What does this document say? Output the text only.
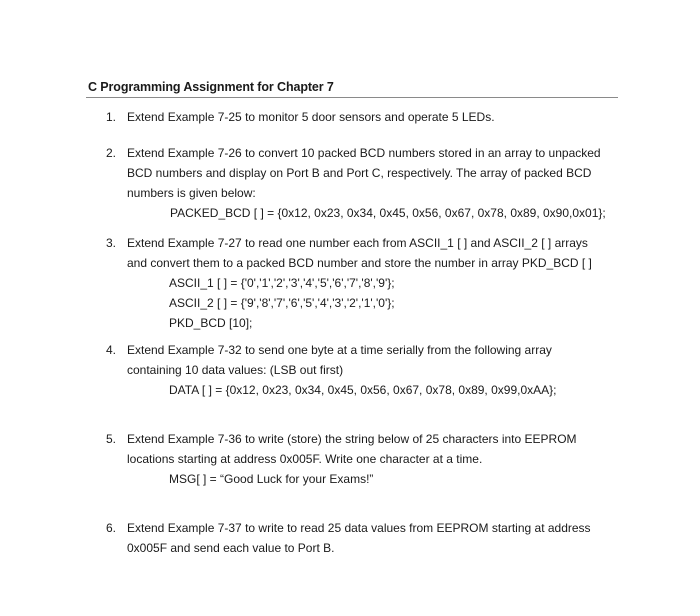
C Programming Assignment for Chapter 7
1. Extend Example 7-25 to monitor 5 door sensors and operate 5 LEDs.
2. Extend Example 7-26 to convert 10 packed BCD numbers stored in an array to unpacked
BCD numbers and display on Port B and Port C, respectively. The array of packed BCD
numbers is given below:
PACKED_BCD [ ] = {0x12, 0x23, 0x34, 0x45, 0x56, 0x67, 0x78, 0x89, 0x90,0x01};
3. Extend Example 7-27 to read one number each from ASCII_1 [ ] and ASCII_2 [ ] arrays
and convert them to a packed BCD number and store the number in array PKD_BCD [ ]
ASCII_1 [ ] = {'0','1','2','3','4','5','6','7','8','9'};
ASCII_2 [ ] = {'9','8','7','6','5','4','3','2','1','0'};
PKD_BCD [10];
4. Extend Example 7-32 to send one byte at a time serially from the following array
containing 10 data values: (LSB out first)
DATA [ ] = {0x12, 0x23, 0x34, 0x45, 0x56, 0x67, 0x78, 0x89, 0x99,0xAA};
5. Extend Example 7-36 to write (store) the string below of 25 characters into EEPROM
locations starting at address 0x005F. Write one character at a time.
MSG[ ] = “Good Luck for your Exams!”
6. Extend Example 7-37 to write to read 25 data values from EEPROM starting at address
0x005F and send each value to Port B.
